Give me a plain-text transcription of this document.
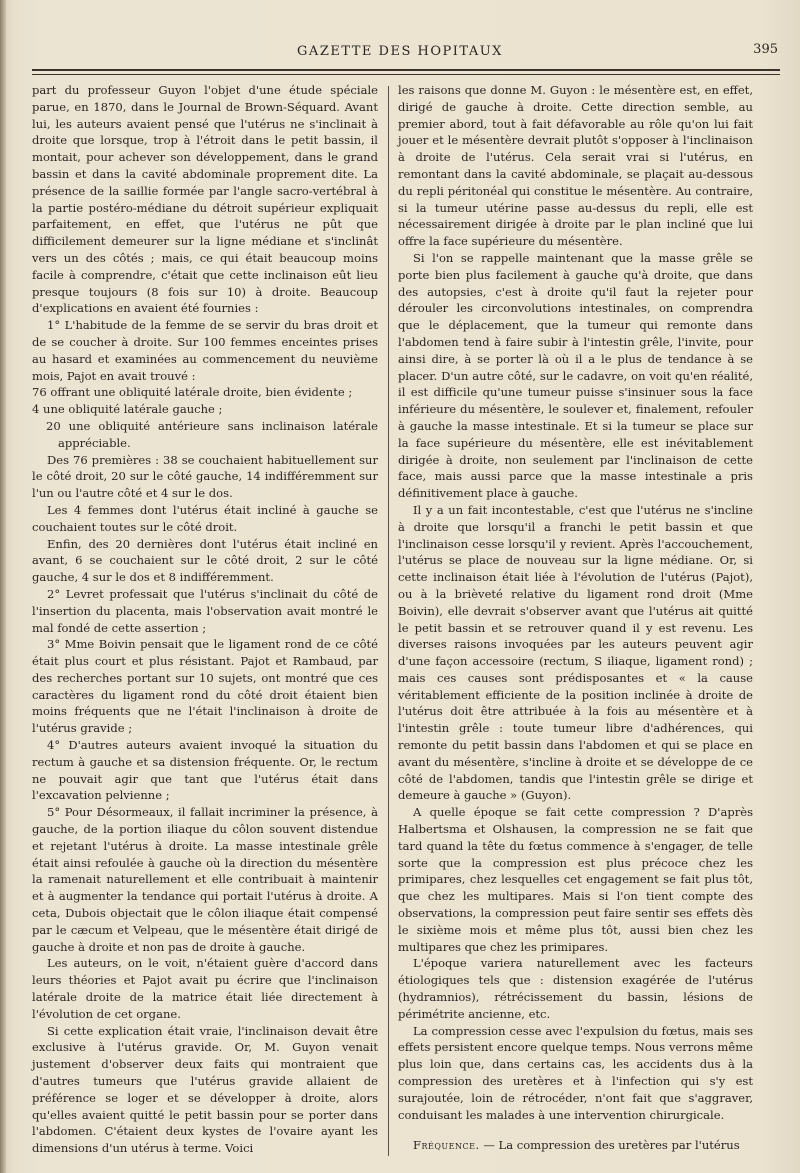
GAZETTE DES HOPITAUX	395

part du professeur Guyon l'objet d'une étude spéciale parue, en 1870, dans le Journal de Brown-Séquard. Avant lui, les auteurs avaient pensé que l'utérus ne s'inclinait à droite que lorsque, trop à l'étroit dans le petit bassin, il montait, pour achever son développement, dans le grand bassin et dans la cavité abdominale proprement dite. La présence de la saillie formée par l'angle sacro-vertébral à la partie postéro-médiane du détroit supérieur expliquait parfaitement, en effet, que l'utérus ne pût que difficilement demeurer sur la ligne médiane et s'inclinât vers un des côtés ; mais, ce qui était beaucoup moins facile à comprendre, c'était que cette inclinaison eût lieu presque toujours (8 fois sur 10) à droite. Beaucoup d'explications en avaient été fournies :

1° L'habitude de la femme de se servir du bras droit et de se coucher à droite. Sur 100 femmes enceintes prises au hasard et examinées au commencement du neuvième mois, Pajot en avait trouvé :

76 offrant une obliquité latérale droite, bien évidente ;

4 une obliquité latérale gauche ;

20 une obliquité antérieure sans inclinaison latérale appréciable.

Des 76 premières : 38 se couchaient habituellement sur le côté droit, 20 sur le côté gauche, 14 indifféremment sur l'un ou l'autre côté et 4 sur le dos.

Les 4 femmes dont l'utérus était incliné à gauche se couchaient toutes sur le côté droit.

Enfin, des 20 dernières dont l'utérus était incliné en avant, 6 se couchaient sur le côté droit, 2 sur le côté gauche, 4 sur le dos et 8 indifféremment.

2° Levret professait que l'utérus s'inclinait du côté de l'insertion du placenta, mais l'observation avait montré le mal fondé de cette assertion ;

3° Mme Boivin pensait que le ligament rond de ce côté était plus court et plus résistant. Pajot et Rambaud, par des recherches portant sur 10 sujets, ont montré que ces caractères du ligament rond du côté droit étaient bien moins fréquents que ne l'était l'inclinaison à droite de l'utérus gravide ;

4° D'autres auteurs avaient invoqué la situation du rectum à gauche et sa distension fréquente. Or, le rectum ne pouvait agir que tant que l'utérus était dans l'excavation pelvienne ;

5° Pour Désormeaux, il fallait incriminer la présence, à gauche, de la portion iliaque du côlon souvent distendue et rejetant l'utérus à droite. La masse intestinale grêle était ainsi refoulée à gauche où la direction du mésentère la ramenait naturellement et elle contribuait à maintenir et à augmenter la tendance qui portait l'utérus à droite. A ceta, Dubois objectait que le côlon iliaque était compensé par le cæcum et Velpeau, que le mésentère était dirigé de gauche à droite et non pas de droite à gauche.

Les auteurs, on le voit, n'étaient guère d'accord dans leurs théories et Pajot avait pu écrire que l'inclinaison latérale droite de la matrice était liée directement à l'évolution de cet organe.

Si cette explication était vraie, l'inclinaison devait être exclusive à l'utérus gravide. Or, M. Guyon venait justement d'observer deux faits qui montraient que d'autres tumeurs que l'utérus gravide allaient de préférence se loger et se développer à droite, alors qu'elles avaient quitté le petit bassin pour se porter dans l'abdomen. C'étaient deux kystes de l'ovaire ayant les dimensions d'un utérus à terme. Voici

les raisons que donne M. Guyon : le mésentère est, en effet, dirigé de gauche à droite. Cette direction semble, au premier abord, tout à fait défavorable au rôle qu'on lui fait jouer et le mésentère devrait plutôt s'opposer à l'inclinaison à droite de l'utérus. Cela serait vrai si l'utérus, en remontant dans la cavité abdominale, se plaçait au-dessous du repli péritonéal qui constitue le mésentère. Au contraire, si la tumeur utérine passe au-dessus du repli, elle est nécessairement dirigée à droite par le plan incliné que lui offre la face supérieure du mésentère.

Si l'on se rappelle maintenant que la masse grêle se porte bien plus facilement à gauche qu'à droite, que dans des autopsies, c'est à droite qu'il faut la rejeter pour dérouler les circonvolutions intestinales, on comprendra que le déplacement, que la tumeur qui remonte dans l'abdomen tend à faire subir à l'intestin grêle, l'invite, pour ainsi dire, à se porter là où il a le plus de tendance à se placer. D'un autre côté, sur le cadavre, on voit qu'en réalité, il est difficile qu'une tumeur puisse s'insinuer sous la face inférieure du mésentère, le soulever et, finalement, refouler à gauche la masse intestinale. Et si la tumeur se place sur la face supérieure du mésentère, elle est inévitablement dirigée à droite, non seulement par l'inclinaison de cette face, mais aussi parce que la masse intestinale a pris définitivement place à gauche.

Il y a un fait incontestable, c'est que l'utérus ne s'incline à droite que lorsqu'il a franchi le petit bassin et que l'inclinaison cesse lorsqu'il y revient. Après l'accouchement, l'utérus se place de nouveau sur la ligne médiane. Or, si cette inclinaison était liée à l'évolution de l'utérus (Pajot), ou à la brièveté relative du ligament rond droit (Mme Boivin), elle devrait s'observer avant que l'utérus ait quitté le petit bassin et se retrouver quand il y est revenu. Les diverses raisons invoquées par les auteurs peuvent agir d'une façon accessoire (rectum, S iliaque, ligament rond) ; mais ces causes sont prédisposantes et « la cause véritablement efficiente de la position inclinée à droite de l'utérus doit être attribuée à la fois au mésentère et à l'intestin grêle : toute tumeur libre d'adhérences, qui remonte du petit bassin dans l'abdomen et qui se place en avant du mésentère, s'incline à droite et se développe de ce côté de l'abdomen, tandis que l'intestin grêle se dirige et demeure à gauche » (Guyon).

A quelle époque se fait cette compression ? D'après Halbertsma et Olshausen, la compression ne se fait que tard quand la tête du fœtus commence à s'engager, de telle sorte que la compression est plus précoce chez les primipares, chez lesquelles cet engagement se fait plus tôt, que chez les multipares. Mais si l'on tient compte des observations, la compression peut faire sentir ses effets dès le sixième mois et même plus tôt, aussi bien chez les multipares que chez les primipares.

L'époque variera naturellement avec les facteurs étiologiques tels que : distension exagérée de l'utérus (hydramnios), rétrécissement du bassin, lésions de périmétrite ancienne, etc.

La compression cesse avec l'expulsion du fœtus, mais ses effets persistent encore quelque temps. Nous verrons même plus loin que, dans certains cas, les accidents dus à la compression des uretères et à l'infection qui s'y est surajoutée, loin de rétrocéder, n'ont fait que s'aggraver, conduisant les malades à une intervention chirurgicale.

Fréquence. — La compression des uretères par l'utérus
